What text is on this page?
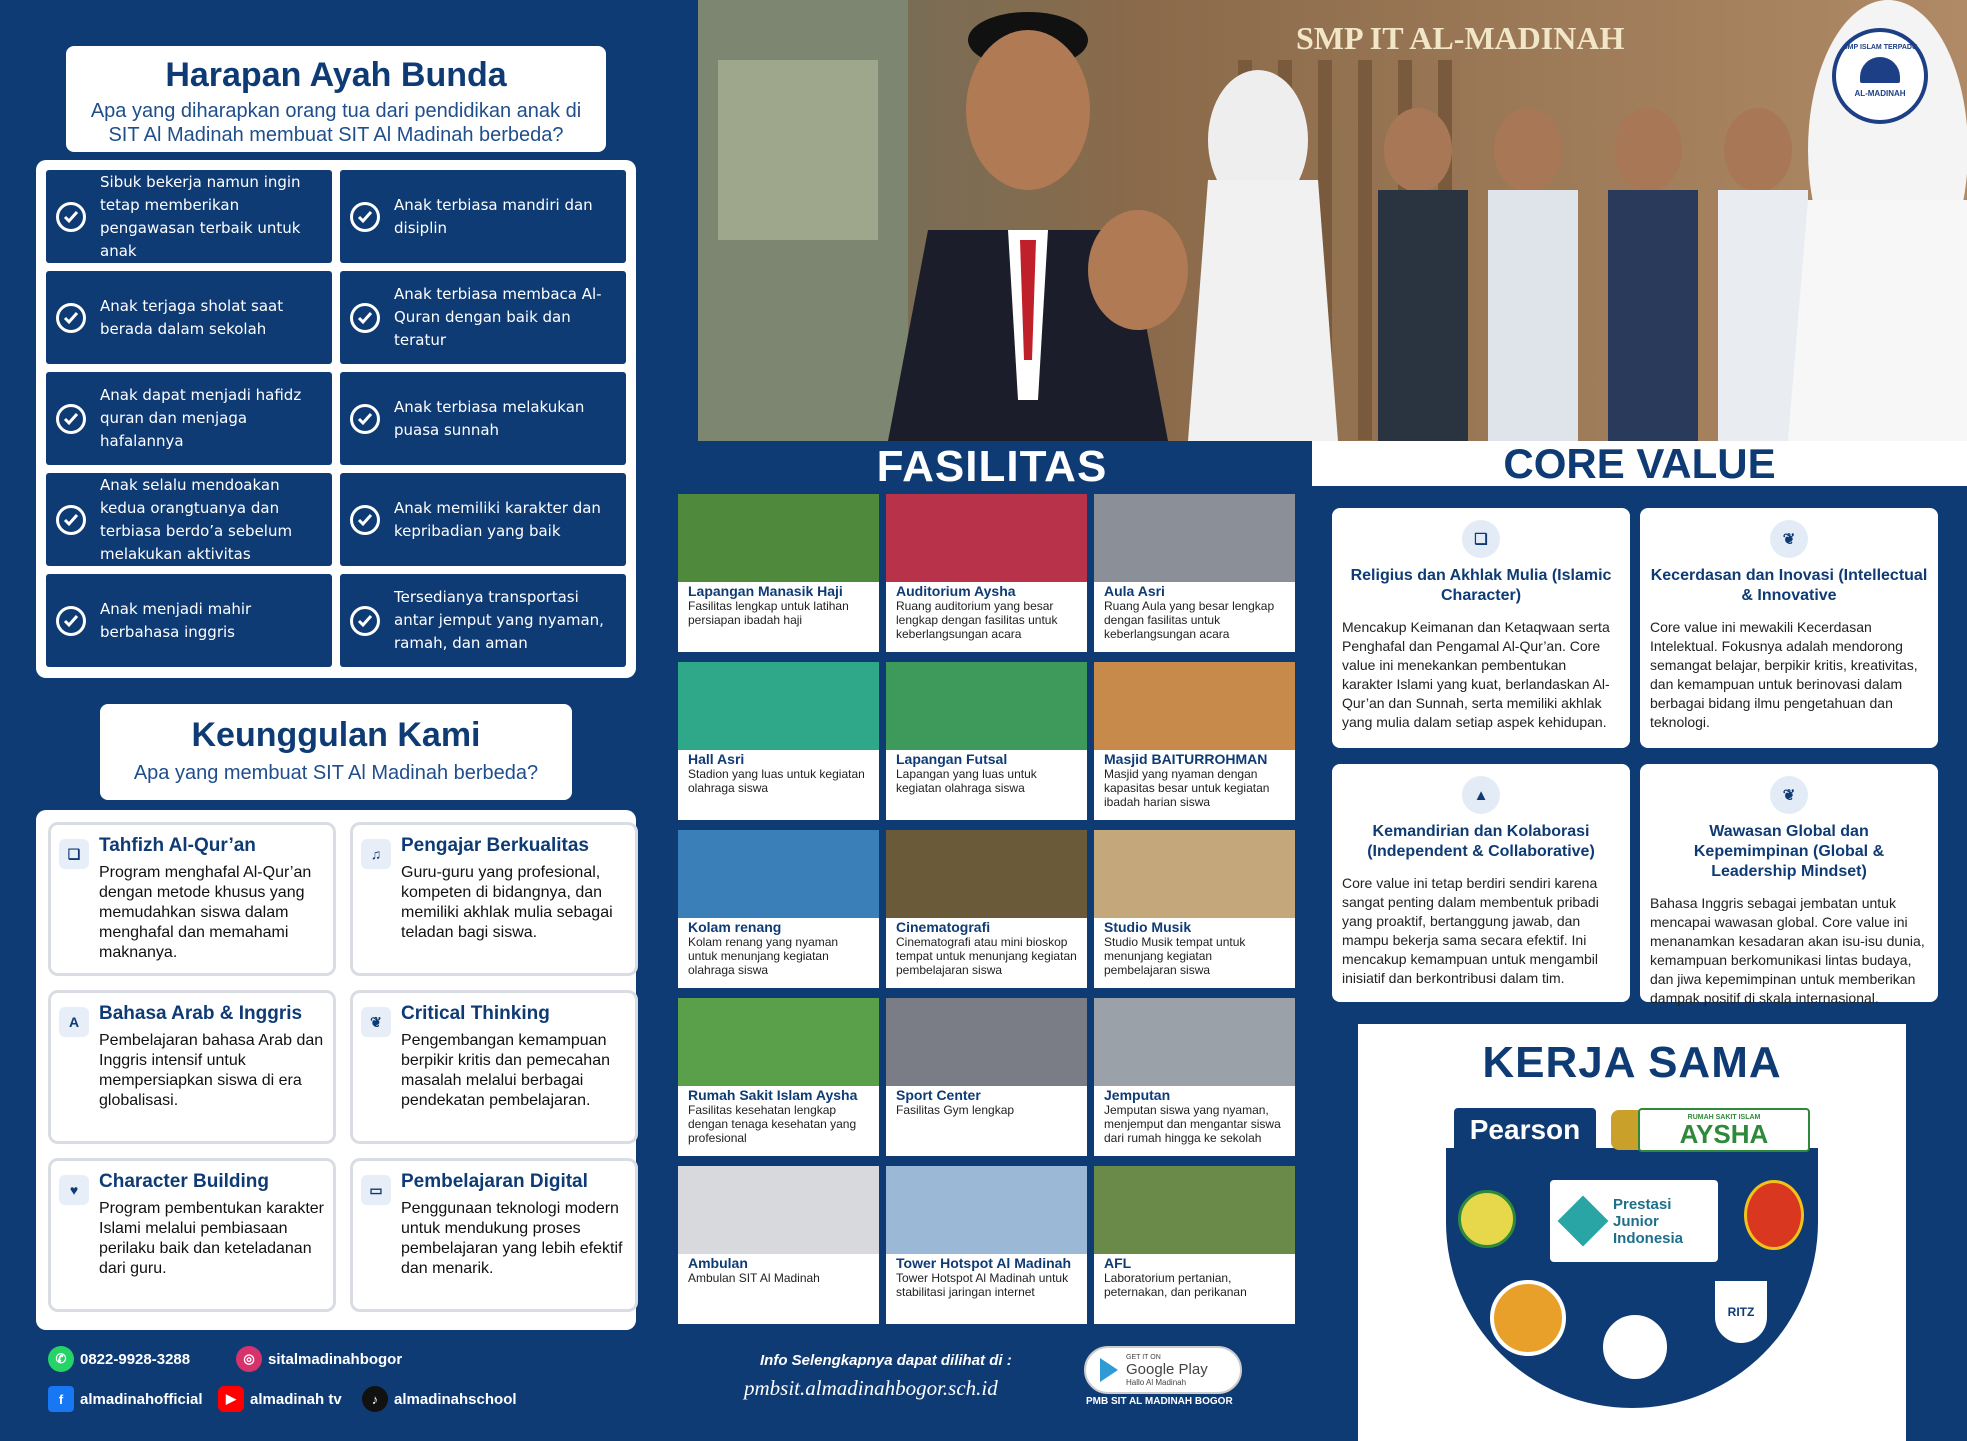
Harapan Ayah Bunda

Apa yang diharapkan orang tua dari pendidikan anak di SIT Al Madinah membuat SIT Al Madinah berbeda?

Sibuk bekerja namun ingin tetap memberikan pengawasan terbaik untuk anak
Anak terbiasa mandiri dan disiplin
Anak terjaga sholat saat berada dalam sekolah
Anak terbiasa membaca Al-Quran dengan baik dan teratur
Anak dapat menjadi hafidz quran dan menjaga hafalannya
Anak terbiasa melakukan puasa sunnah
Anak selalu mendoakan kedua orangtuanya dan terbiasa berdo’a sebelum melakukan aktivitas
Anak memiliki karakter dan kepribadian yang baik
Anak menjadi mahir berbahasa inggris
Tersedianya transportasi antar jemput yang nyaman, ramah, dan aman
Keunggulan Kami

Apa yang membuat SIT Al Madinah berbeda?

❏ Tahfizh Al-Qur’an
Program menghafal Al-Qur’an dengan metode khusus yang memudahkan siswa dalam menghafal dan memahami maknanya.
♫	Pengajar Berkualitas
Guru-guru yang profesional, kompeten di bidangnya, dan memiliki akhlak mulia sebagai teladan bagi siswa.
A	Bahasa Arab & Inggris
Pembelajaran bahasa Arab dan Inggris intensif untuk mempersiapkan siswa di era globalisasi.
❦	Critical Thinking
Pengembangan kemampuan berpikir kritis dan pemecahan masalah melalui berbagai pendekatan pembelajaran.
♥	Character Building
Program pembentukan karakter Islami melalui pembiasaan perilaku baik dan keteladanan dari guru.
▭ Pembelajaran Digital
Penggunaan teknologi modern untuk mendukung proses pembelajaran yang lebih efektif dan menarik.
✆ 0822-9928-3288	◎ sitalmadinahbogor
f	almadinahofficial	▶ almadinah tv	♪	almadinahschool
SMP IT AL-MADINAH	SMP ISLAM TERPADU
AL-MADINAH
FASILITAS
Lapangan Manasik Haji
Fasilitas lengkap untuk latihan persiapan ibadah haji
Auditorium Aysha
Ruang auditorium yang besar lengkap dengan fasilitas untuk keberlangsungan acara
Aula Asri
Ruang Aula yang besar lengkap dengan fasilitas untuk keberlangsungan acara
Hall Asri
Stadion yang luas untuk kegiatan olahraga siswa
Lapangan Futsal
Lapangan yang luas untuk kegiatan olahraga siswa
Masjid BAITURROHMAN
Masjid yang nyaman dengan kapasitas besar untuk kegiatan ibadah harian siswa
Kolam renang
Kolam renang yang nyaman untuk menunjang kegiatan olahraga siswa
Cinematografi
Cinematografi atau mini bioskop tempat untuk menunjang kegiatan pembelajaran siswa
Studio Musik
Studio Musik tempat untuk menunjang kegiatan pembelajaran siswa
Rumah Sakit Islam Aysha
Fasilitas kesehatan lengkap dengan tenaga kesehatan yang profesional
Sport Center
Fasilitas Gym lengkap
Jemputan
Jemputan siswa yang nyaman, menjemput dan mengantar siswa dari rumah hingga ke sekolah
Ambulan
Ambulan SIT Al Madinah
Tower Hotspot Al Madinah
Tower Hotspot Al Madinah untuk stabilitasi jaringan internet
AFL
Laboratorium pertanian, peternakan, dan perikanan
Info Selengkapnya dapat dilihat di :
pmbsit.almadinahbogor.sch.id
GET IT ON
Google Play
Hallo Al Madinah
PMB SIT AL MADINAH BOGOR
CORE VALUE
❏
Religius dan Akhlak Mulia (Islamic Character)
Mencakup Keimanan dan Ketaqwaan serta Penghafal dan Pengamal Al-Qur’an. Core value ini menekankan pembentukan karakter Islami yang kuat, berlandaskan Al-Qur’an dan Sunnah, serta memiliki akhlak yang mulia dalam setiap aspek kehidupan.
❦
Kecerdasan dan Inovasi (Intellectual & Innovative
Core value ini mewakili Kecerdasan Intelektual. Fokusnya adalah mendorong semangat belajar, berpikir kritis, kreativitas, dan kemampuan untuk berinovasi dalam berbagai bidang ilmu pengetahuan dan teknologi.
▲
Kemandirian dan Kolaborasi (Independent & Collaborative)
Core value ini tetap berdiri sendiri karena sangat penting dalam membentuk pribadi yang proaktif, bertanggung jawab, dan mampu bekerja sama secara efektif. Ini mencakup kemampuan untuk mengambil inisiatif dan berkontribusi dalam tim.
❦
Wawasan Global dan Kepemimpinan (Global & Leadership Mindset)
Bahasa Inggris sebagai jembatan untuk mencapai wawasan global. Core value ini menanamkan kesadaran akan isu-isu dunia, kemampuan berkomunikasi lintas budaya, dan jiwa kepemimpinan untuk memberikan dampak positif di skala internasional.
KERJA SAMA
Pearson	RUMAH SAKIT ISLAM
AYSHA
Prestasi Junior Indonesia
RITZ
